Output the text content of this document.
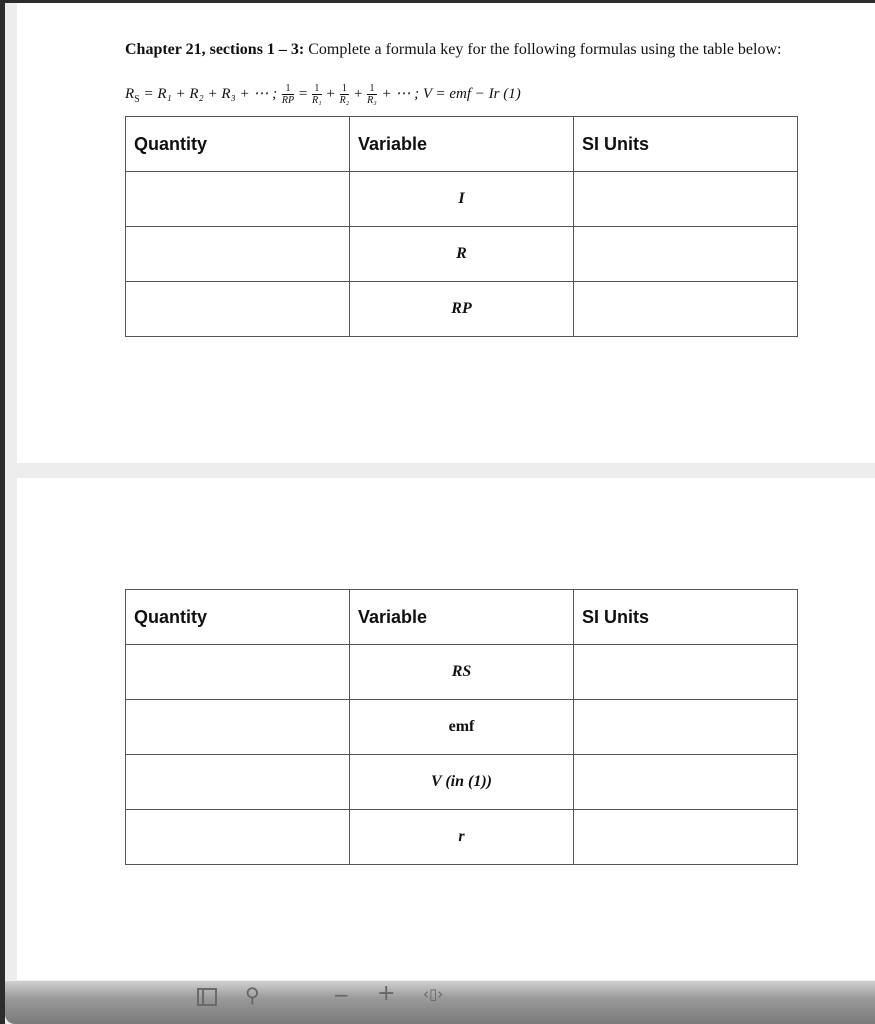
Chapter 21, sections 1 – 3: Complete a formula key for the following formulas using the table below:
$R_S = R_1 + R_2 + R_3$ + ⋯ ; $\frac{1}{RP} = \frac{1}{\text{R₁}} + \frac{1}{\text{R₂}} + \frac{1}{\text{R₃}}$ + ⋯ ; V = emf − Ir (1)
Quantity	Variable	SI Units
	I	
	R	
	RP	
Quantity	Variable	SI Units
	RS	
	emf	
	V (in (1))	
	r	
⚲	− + ‹▯›
